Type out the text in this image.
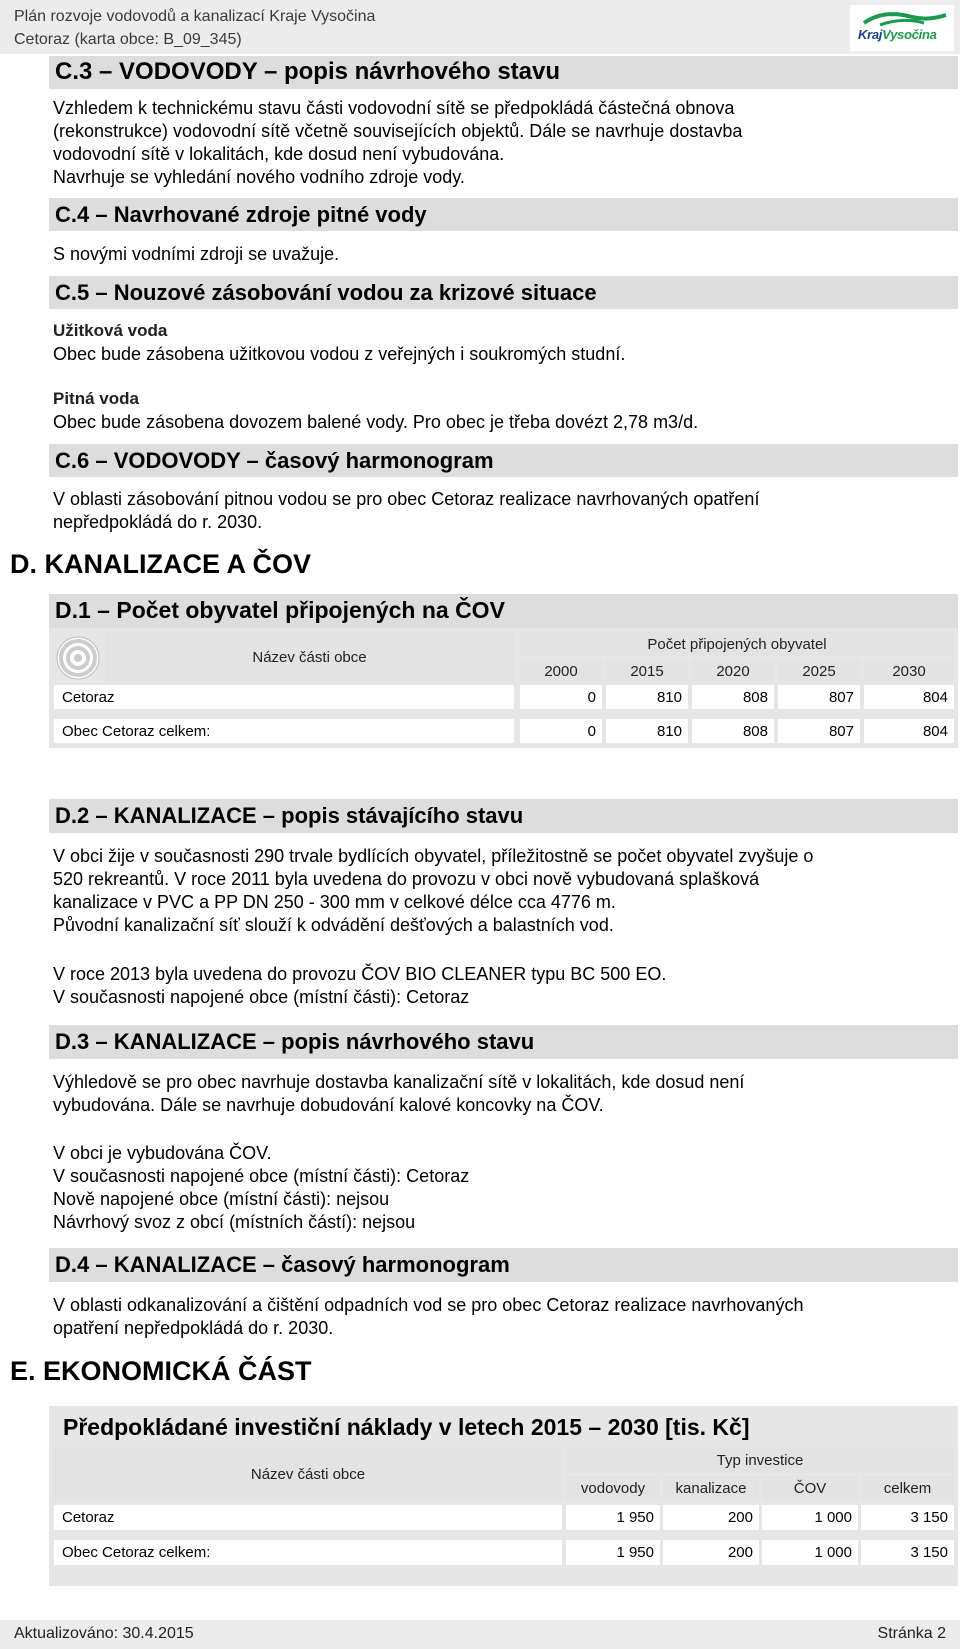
Plán rozvoje vodovodů a kanalizací Kraje Vysočina
Cetoraz (karta obce: B_09_345)	KrajVysočina
C.3 – VODOVODY – popis návrhového stavu
Vzhledem k technickému stavu části vodovodní sítě se předpokládá částečná obnova
(rekonstrukce) vodovodní sítě včetně souvisejících objektů. Dále se navrhuje dostavba
vodovodní sítě v lokalitách, kde dosud není vybudována.
Navrhuje se vyhledání nového vodního zdroje vody.
C.4 – Navrhované zdroje pitné vody
S novými vodními zdroji se uvažuje.
C.5 – Nouzové zásobování vodou za krizové situace
Užitková voda
Obec bude zásobena užitkovou vodou z veřejných i soukromých studní.
Pitná voda
Obec bude zásobena dovozem balené vody. Pro obec je třeba dovézt 2,78 m3/d.
C.6 – VODOVODY – časový harmonogram
V oblasti zásobování pitnou vodou se pro obec Cetoraz realizace navrhovaných opatření
nepředpokládá do r. 2030.
D. KANALIZACE A ČOV
D.1 – Počet obyvatel připojených na ČOV
Název části obce
Počet připojených obyvatel
2000	2015	2020	2025	2030
Cetoraz	0	810	808	807	804
Obec Cetoraz celkem:	0	810	808	807	804
D.2 – KANALIZACE – popis stávajícího stavu
V obci žije v současnosti 290 trvale bydlících obyvatel, příležitostně se počet obyvatel zvyšuje o
520 rekreantů. V roce 2011 byla uvedena do provozu v obci nově vybudovaná splašková
kanalizace v PVC a PP DN 250 - 300 mm v celkové délce cca 4776 m.
Původní kanalizační síť slouží k odvádění dešťových a balastních vod.
V roce 2013 byla uvedena do provozu ČOV BIO CLEANER typu BC 500 EO.
V současnosti napojené obce (místní části): Cetoraz
D.3 – KANALIZACE – popis návrhového stavu
Výhledově se pro obec navrhuje dostavba kanalizační sítě v lokalitách, kde dosud není
vybudována. Dále se navrhuje dobudování kalové koncovky na ČOV.
V obci je vybudována ČOV.
V současnosti napojené obce (místní části): Cetoraz
Nově napojené obce (místní části): nejsou
Návrhový svoz z obcí (místních částí): nejsou
D.4 – KANALIZACE – časový harmonogram
V oblasti odkanalizování a čištění odpadních vod se pro obec Cetoraz realizace navrhovaných
opatření nepředpokládá do r. 2030.
E. EKONOMICKÁ ČÁST
Předpokládané investiční náklady v letech 2015 – 2030 [tis. Kč]
Název části obce
Typ investice
vodovody	kanalizace	ČOV	celkem
Cetoraz	1 950	200	1 000	3 150
Obec Cetoraz celkem:	1 950	200	1 000	3 150
Aktualizováno: 30.4.2015	Stránka 2
